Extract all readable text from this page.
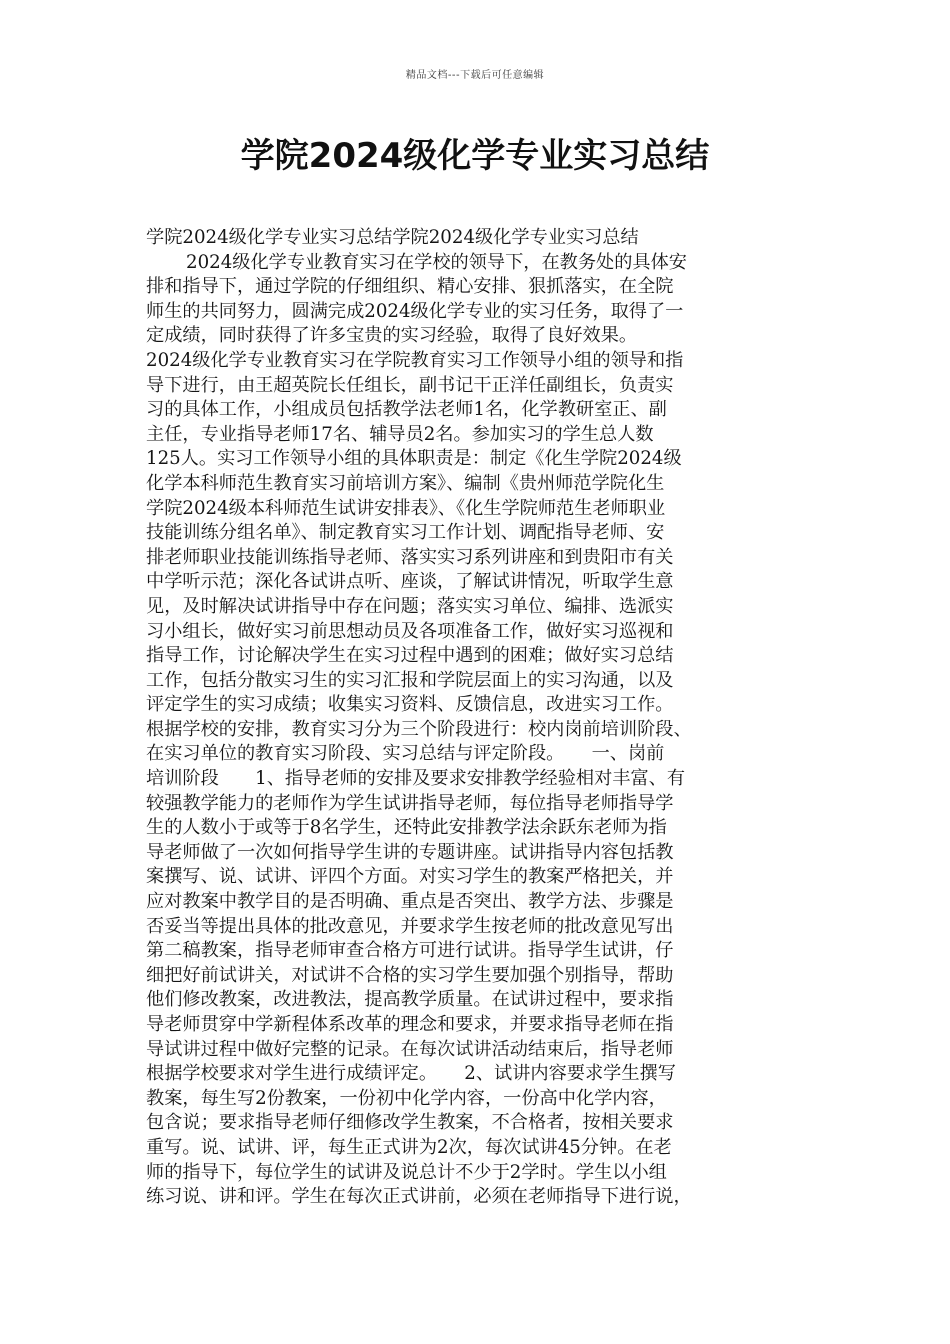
精品文档---下载后可任意编辑
学院2024级化学专业实习总结
学院2024级化学专业实习总结学院2024级化学专业实习总结
2024级化学专业教育实习在学校的领导下，在教务处的具体安
排和指导下，通过学院的仔细组织、精心安排、狠抓落实，在全院
师生的共同努力，圆满完成2024级化学专业的实习任务，取得了一
定成绩，同时获得了许多宝贵的实习经验，取得了良好效果。
2024级化学专业教育实习在学院教育实习工作领导小组的领导和指
导下进行，由王超英院长任组长，副书记干正洋任副组长，负责实
习的具体工作，小组成员包括教学法老师1名，化学教研室正、副
主任，专业指导老师17名、辅导员2名。参加实习的学生总人数
125人。实习工作领导小组的具体职责是：制定《化生学院2024级
化学本科师范生教育实习前培训方案》、编制《贵州师范学院化生
学院2024级本科师范生试讲安排表》、《化生学院师范生老师职业
技能训练分组名单》、制定教育实习工作计划、调配指导老师、安
排老师职业技能训练指导老师、落实实习系列讲座和到贵阳市有关
中学听示范；深化各试讲点听、座谈，了解试讲情况，听取学生意
见，及时解决试讲指导中存在问题；落实实习单位、编排、选派实
习小组长，做好实习前思想动员及各项准备工作，做好实习巡视和
指导工作，讨论解决学生在实习过程中遇到的困难；做好实习总结
工作，包括分散实习生的实习汇报和学院层面上的实习沟通，以及
评定学生的实习成绩；收集实习资料、反馈信息，改进实习工作。
根据学校的安排，教育实习分为三个阶段进行：校内岗前培训阶段、
在实习单位的教育实习阶段、实习总结与评定阶段。　　一、岗前
培训阶段　　1、指导老师的安排及要求安排教学经验相对丰富、有
较强教学能力的老师作为学生试讲指导老师，每位指导老师指导学
生的人数小于或等于8名学生，还特此安排教学法余跃东老师为指
导老师做了一次如何指导学生讲的专题讲座。试讲指导内容包括教
案撰写、说、试讲、评四个方面。对实习学生的教案严格把关，并
应对教案中教学目的是否明确、重点是否突出、教学方法、步骤是
否妥当等提出具体的批改意见，并要求学生按老师的批改意见写出
第二稿教案，指导老师审查合格方可进行试讲。指导学生试讲，仔
细把好前试讲关，对试讲不合格的实习学生要加强个别指导，帮助
他们修改教案，改进教法，提高教学质量。在试讲过程中，要求指
导老师贯穿中学新程体系改革的理念和要求，并要求指导老师在指
导试讲过程中做好完整的记录。在每次试讲活动结束后，指导老师
根据学校要求对学生进行成绩评定。　　2、试讲内容要求学生撰写
教案，每生写2份教案，一份初中化学内容，一份高中化学内容，
包含说；要求指导老师仔细修改学生教案，不合格者，按相关要求
重写。说、试讲、评，每生正式讲为2次，每次试讲45分钟。在老
师的指导下，每位学生的试讲及说总计不少于2学时。学生以小组
练习说、讲和评。学生在每次正式讲前，必须在老师指导下进行说，
